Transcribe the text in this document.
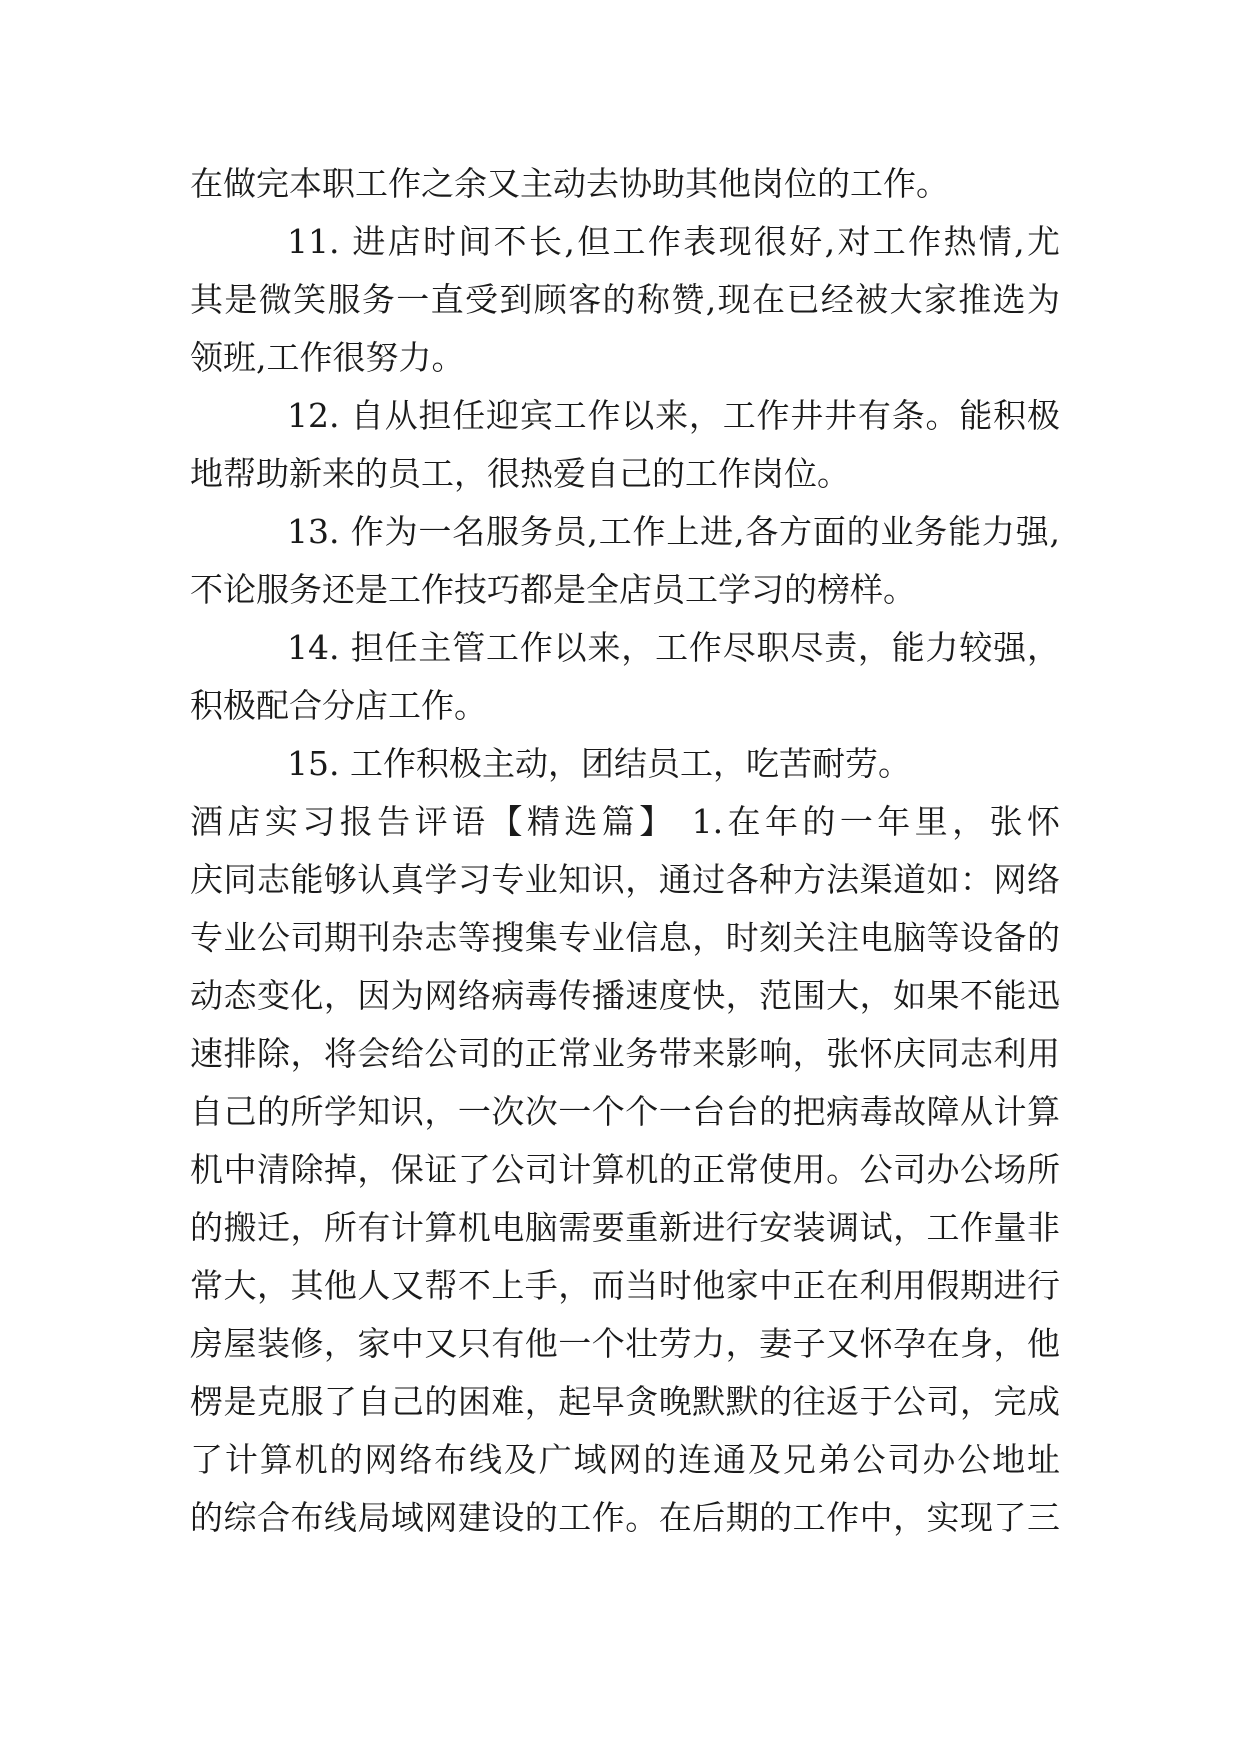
在做完本职工作之余又主动去协助其他岗位的工作。
11. 进店时间不长,但工作表现很好,对工作热情,尤
其是微笑服务一直受到顾客的称赞,现在已经被大家推选为
领班,工作很努力。
12. 自从担任迎宾工作以来，工作井井有条。能积极
地帮助新来的员工，很热爱自己的工作岗位。
13. 作为一名服务员,工作上进,各方面的业务能力强,
不论服务还是工作技巧都是全店员工学习的榜样。
14. 担任主管工作以来，工作尽职尽责，能力较强，
积极配合分店工作。
15. 工作积极主动，团结员工，吃苦耐劳。
酒店实习报告评语【精选篇】 1.在年的一年里，张怀
庆同志能够认真学习专业知识，通过各种方法渠道如：网络
专业公司期刊杂志等搜集专业信息，时刻关注电脑等设备的
动态变化，因为网络病毒传播速度快，范围大，如果不能迅
速排除，将会给公司的正常业务带来影响，张怀庆同志利用
自己的所学知识，一次次一个个一台台的把病毒故障从计算
机中清除掉，保证了公司计算机的正常使用。公司办公场所
的搬迁，所有计算机电脑需要重新进行安装调试，工作量非
常大，其他人又帮不上手，而当时他家中正在利用假期进行
房屋装修，家中又只有他一个壮劳力，妻子又怀孕在身，他
楞是克服了自己的困难，起早贪晚默默的往返于公司，完成
了计算机的网络布线及广域网的连通及兄弟公司办公地址
的综合布线局域网建设的工作。在后期的工作中，实现了三
